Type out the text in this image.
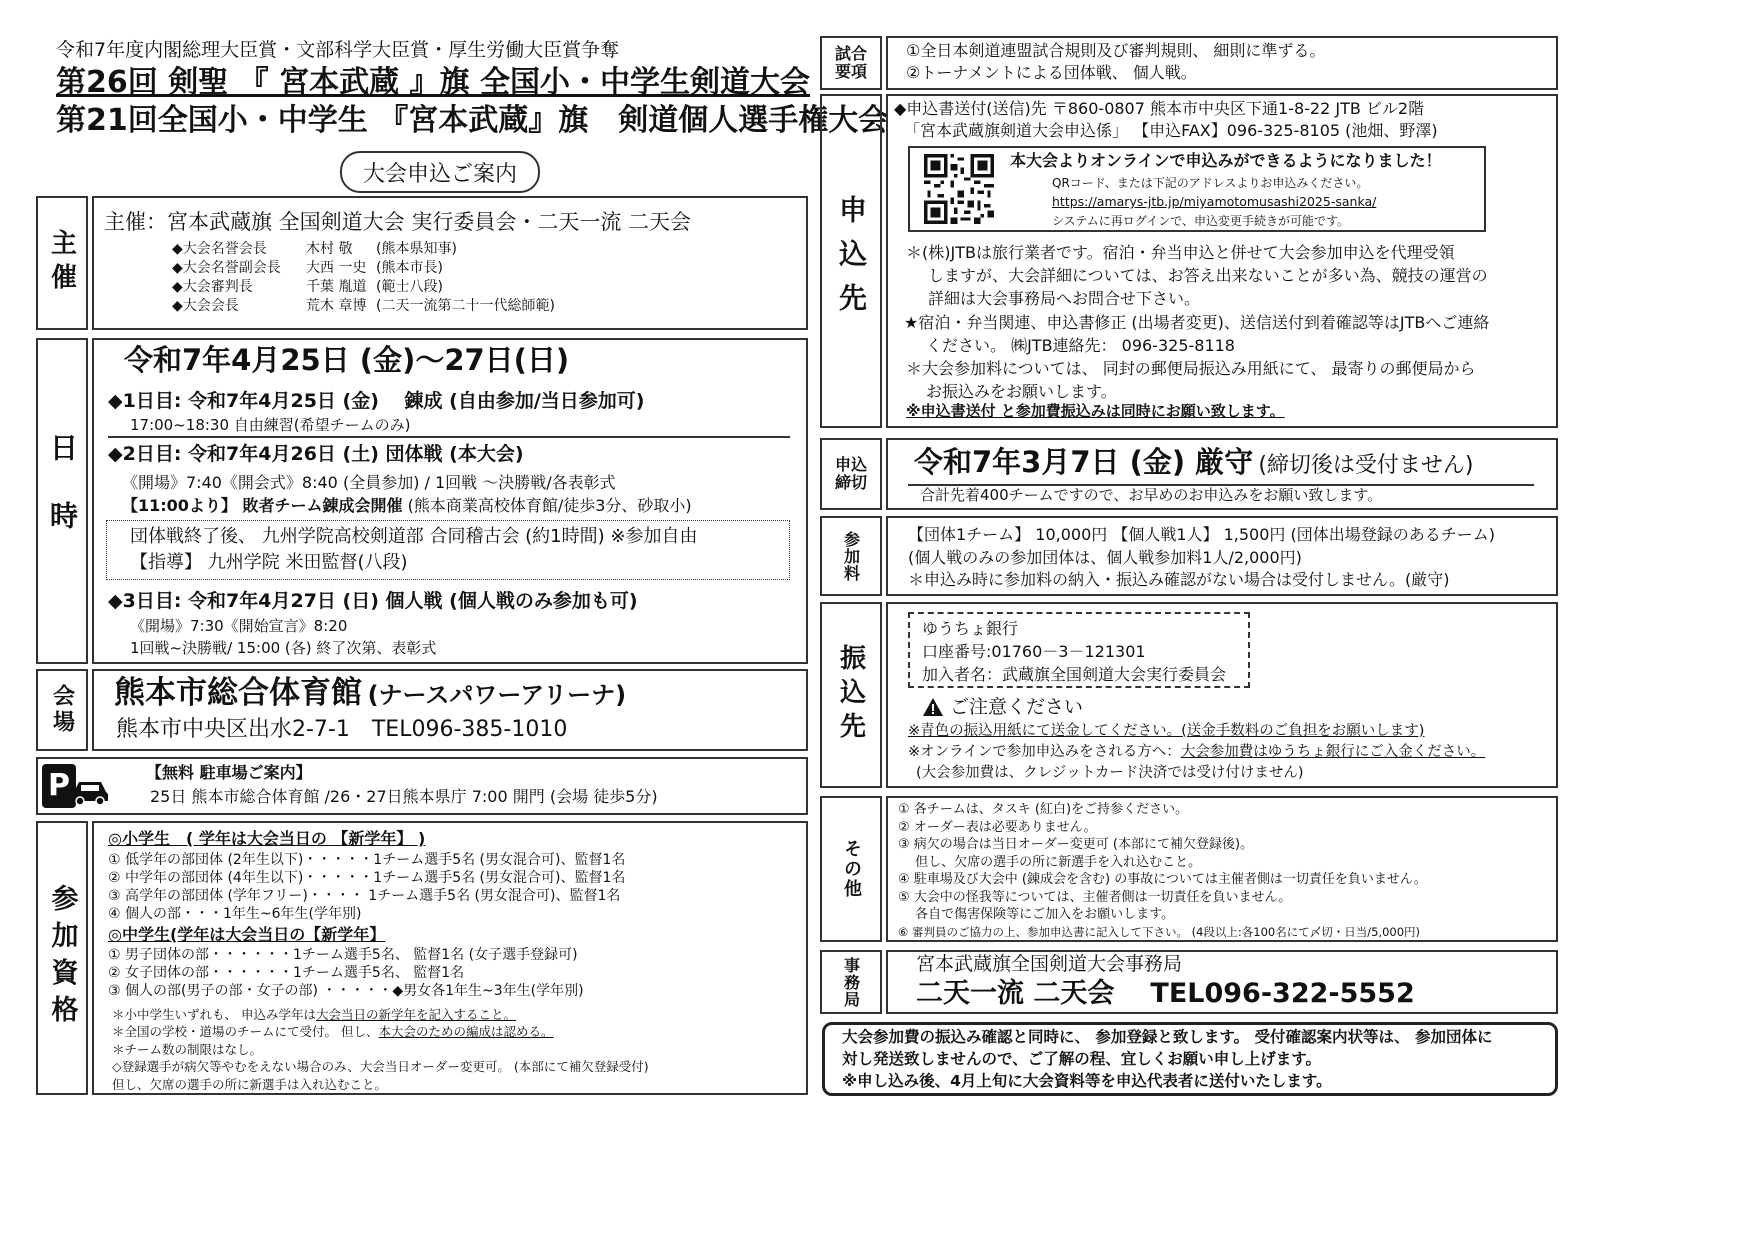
令和7年度内閣総理大臣賞・文部科学大臣賞・厚生労働大臣賞争奪
第26回 剣聖 『 宮本武蔵 』旗 全国小・中学生剣道大会
第21回全国小・中学生 『宮本武蔵』旗　剣道個人選手権大会
大会申込ご案内
主催
主催：宮本武蔵旗 全国剣道大会 実行委員会・二天一流 二天会
◆大会名誉会長	木村 敬 (熊本県知事)
◆大会名誉副会長 大西 一史 (熊本市長)
◆大会審判長	千葉 胤道 (範士八段)
◆大会会長	荒木 章博 (二天一流第二十一代総師範)
日時
令和7年4月25日 (金)～27日(日)
◆1日目: 令和7年4月25日 (金)　 錬成 (自由参加/当日参加可)
17:00~18:30 自由練習(希望チームのみ)
◆2日目: 令和7年4月26日 (土) 団体戦 (本大会)
《開場》7:40《開会式》8:40 (全員参加) / 1回戦 ～決勝戦/各表彰式
【11:00より】 敗者チーム錬成会開催 (熊本商業高校体育館/徒歩3分、砂取小)
団体戦終了後、 九州学院高校剣道部 合同稽古会 (約1時間) ※参加自由
【指導】 九州学院 米田監督(八段)
◆3日目: 令和7年4月27日 (日) 個人戦 (個人戦のみ参加も可)
《開場》7:30《開始宣言》8:20
1回戦~決勝戦/ 15:00 (各) 終了次第、表彰式
会場 熊本市総合体育館 (ナースパワーアリーナ)
熊本市中央区出水2-7-1　TEL096-385-1010
P	【無料 駐車場ご案内】
25日 熊本市総合体育館 /26・27日熊本県庁 7:00 開門 (会場 徒歩5分)
参加資格
◎小学生　( 学年は大会当日の 【新学年】 )
① 低学年の部団体 (2年生以下)・・・・・1チーム選手5名 (男女混合可)、監督1名
② 中学年の部団体 (4年生以下)・・・・・1チーム選手5名 (男女混合可)、監督1名
③ 高学年の部団体 (学年フリー)・・・・ 1チーム選手5名 (男女混合可)、監督1名
④ 個人の部・・・1年生~6年生(学年別)
◎中学生(学年は大会当日の【新学年】
① 男子団体の部・・・・・・1チーム選手5名、 監督1名 (女子選手登録可)
② 女子団体の部・・・・・・1チーム選手5名、 監督1名
③ 個人の部(男子の部・女子の部) ・・・・・◆男女各1年生~3年生(学年別)
＊小中学生いずれも、 申込み学年は大会当日の新学年を記入すること。
＊全国の学校・道場のチームにて受付。 但し、本大会のための編成は認める。
＊チーム数の制限はなし。
◇登録選手が病欠等やむをえない場合のみ、大会当日オーダー変更可。 (本部にて補欠登録受付)
但し、欠席の選手の所に新選手は入れ込むこと。
試合要項
①全日本剣道連盟試合規則及び審判規則、 細則に準ずる。
②トーナメントによる団体戦、 個人戦。
申込先
◆申込書送付(送信)先 〒860-0807 熊本市中央区下通1-8-22 JTB ビル2階
「宮本武蔵旗剣道大会申込係」 【申込FAX】096-325-8105 (池畑、野澤)
本大会よりオンラインで申込みができるようになりました！
QRコード、または下記のアドレスよりお申込みください。
https://amarys-jtb.jp/miyamotomusashi2025-sanka/
システムに再ログインで、申込変更手続きが可能です。
＊(株)JTBは旅行業者です。宿泊・弁当申込と併せて大会参加申込を代理受領
しますが、大会詳細については、お答え出来ないことが多い為、競技の運営の
詳細は大会事務局へお問合せ下さい。
★宿泊・弁当関連、申込書修正 (出場者変更)、送信送付到着確認等はJTBへご連絡
ください。 ㈱JTB連絡先： 096-325-8118
＊大会参加料については、 同封の郵便局振込み用紙にて、 最寄りの郵便局から
お振込みをお願いします。
※申込書送付 と参加費振込みは同時にお願い致します。
申込締切
令和7年3月7日 (金) 厳守 (締切後は受付ません)
合計先着400チームですので、お早めのお申込みをお願い致します。
参加料	【団体1チーム】 10,000円 【個人戦1人】 1,500円 (団体出場登録のあるチーム)
(個人戦のみの参加団体は、個人戦参加料1人/2,000円)
＊申込み時に参加料の納入・振込み確認がない場合は受付しません。(厳守)
振込先
ゆうちょ銀行
口座番号:01760－3－121301
加入者名：武蔵旗全国剣道大会実行委員会
ご注意ください
※青色の振込用紙にて送金してください。(送金手数料のご負担をお願いします)
※オンラインで参加申込みをされる方へ：大会参加費はゆうちょ銀行にご入金ください。
(大会参加費は、クレジットカード決済では受け付けません)
その他
① 各チームは、タスキ (紅白)をご持参ください。
② オーダー表は必要ありません。
③ 病欠の場合は当日オーダー変更可 (本部にて補欠登録後)。
　 但し、欠席の選手の所に新選手を入れ込むこと。
④ 駐車場及び大会中 (錬成会を含む) の事故については主催者側は一切責任を負いません。
⑤ 大会中の怪我等については、主催者側は一切責任を負いません。
　 各自で傷害保険等にご加入をお願いします。
⑥ 審判員のご協力の上、参加申込書に記入して下さい。 (4段以上:各100名にて〆切・日当/5,000円)
事務局	宮本武蔵旗全国剣道大会事務局
二天一流 二天会 TEL096-322-5552
大会参加費の振込み確認と同時に、 参加登録と致します。 受付確認案内状等は、 参加団体に
対し発送致しませんので、ご了解の程、宜しくお願い申し上げます。
※申し込み後、4月上旬に大会資料等を申込代表者に送付いたします。
